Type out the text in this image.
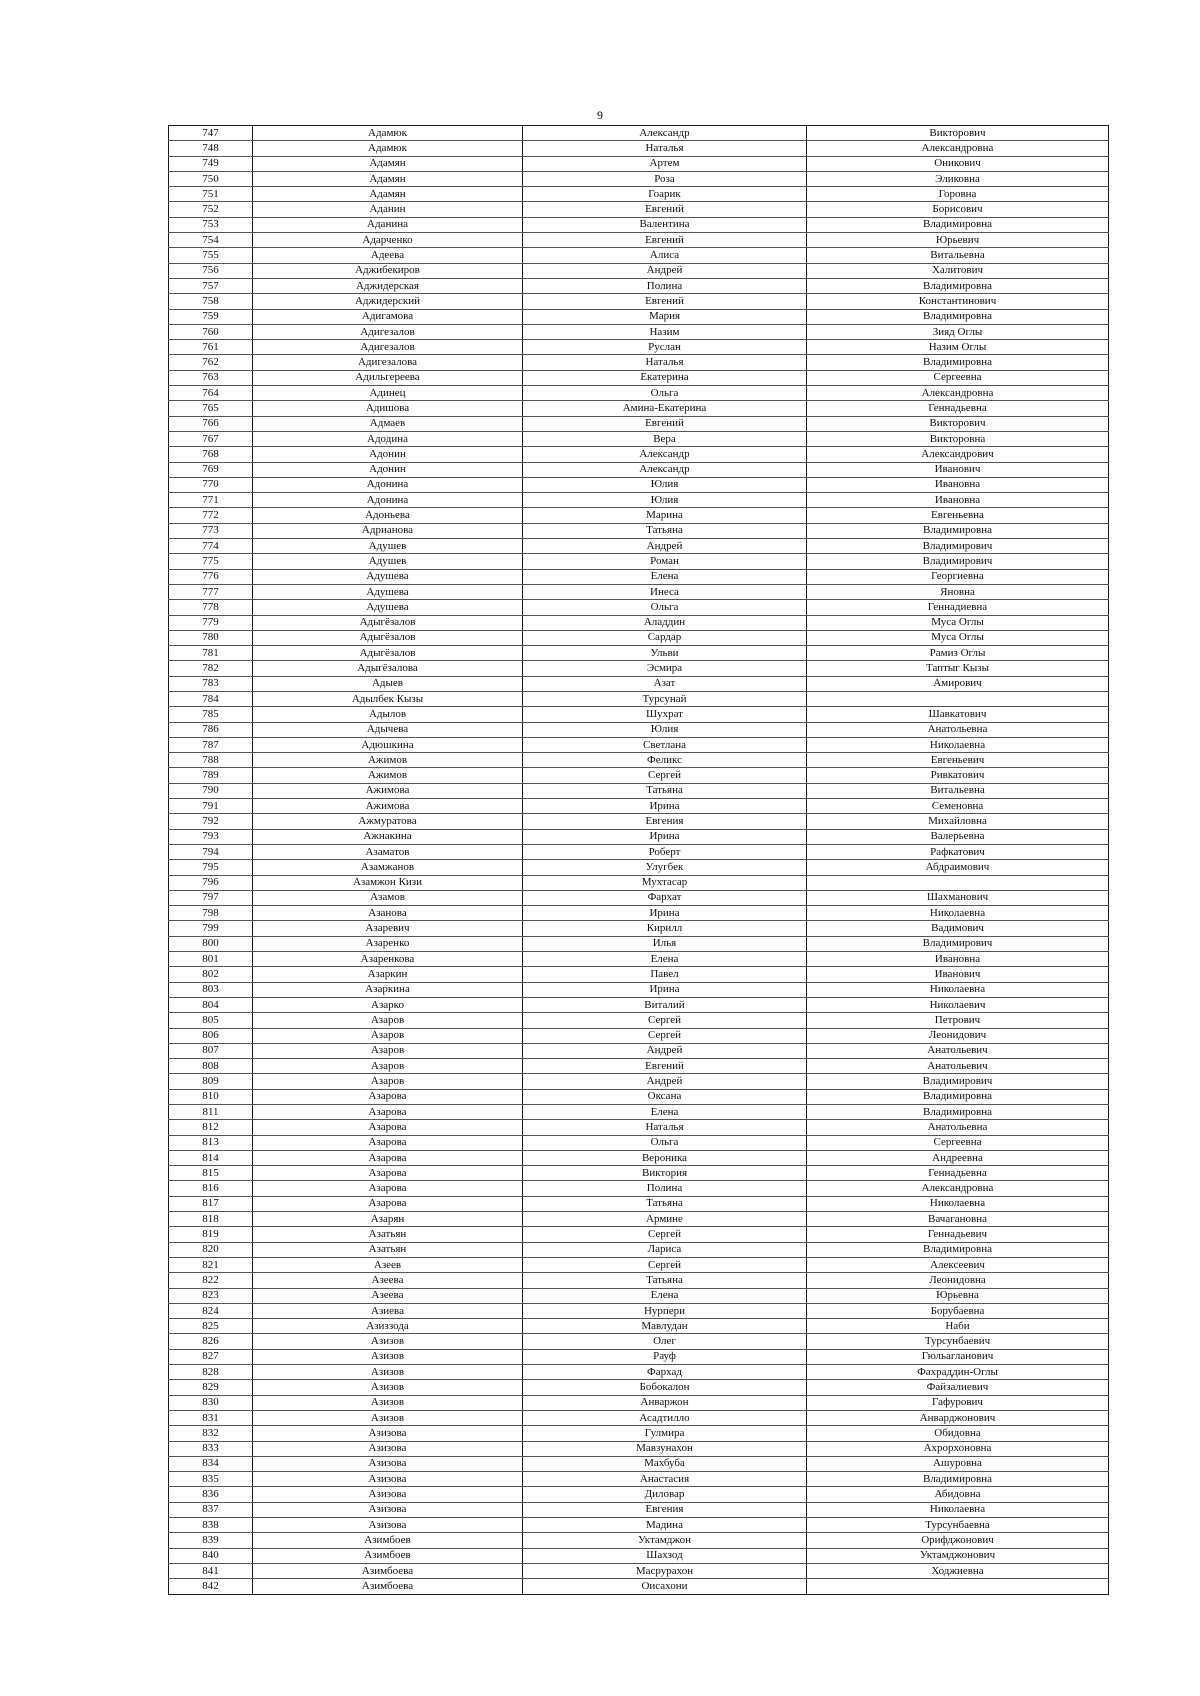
9
747	Адамюк	Александр	Викторович
748	Адамюк	Наталья	Александровна
749	Адамян	Артем	Оникович
750	Адамян	Роза	Эликовна
751	Адамян	Гоарик	Горовна
752	Аданин	Евгений	Борисович
753	Аданина	Валентина	Владимировна
754	Адарченко	Евгений	Юрьевич
755	Адеева	Алиса	Витальевна
756	Аджибекиров	Андрей	Халитович
757	Аджидерская	Полина	Владимировна
758	Аджидерский	Евгений	Константинович
759	Адигамова	Мария	Владимировна
760	Адигезалов	Назим	Зияд Оглы
761	Адигезалов	Руслан	Назим Оглы
762	Адигезалова	Наталья	Владимировна
763	Адильгереева	Екатерина	Сергеевна
764	Адинец	Ольга	Александровна
765	Адишова	Амина-Екатерина	Геннадьевна
766	Адмаев	Евгений	Викторович
767	Адодина	Вера	Викторовна
768	Адонин	Александр	Александрович
769	Адонин	Александр	Иванович
770	Адонина	Юлия	Ивановна
771	Адонина	Юлия	Ивановна
772	Адоньева	Марина	Евгеньевна
773	Адрианова	Татьяна	Владимировна
774	Адушев	Андрей	Владимирович
775	Адушев	Роман	Владимирович
776	Адушева	Елена	Георгиевна
777	Адушева	Инеса	Яновна
778	Адушева	Ольга	Геннадиевна
779	Адыгёзалов	Аладдин	Муса Оглы
780	Адыгёзалов	Сардар	Муса Оглы
781	Адыгёзалов	Ульви	Рамиз Оглы
782	Адыгёзалова	Эсмира	Таптыг Кызы
783	Адыев	Азат	Амирович
784	Адылбек Кызы	Турсунай	
785	Адылов	Шухрат	Шавкатович
786	Адычева	Юлия	Анатольевна
787	Адюшкина	Светлана	Николаевна
788	Ажимов	Феликс	Евгеньевич
789	Ажимов	Сергей	Ривкатович
790	Ажимова	Татьяна	Витальевна
791	Ажимова	Ирина	Семеновна
792	Ажмуратова	Евгения	Михайловна
793	Ажнакина	Ирина	Валерьевна
794	Азаматов	Роберт	Рафкатович
795	Азамжанов	Улугбек	Абдраимович
796	Азамжон Кизи	Мухтасар	
797	Азамов	Фархат	Шахманович
798	Азанова	Ирина	Николаевна
799	Азаревич	Кирилл	Вадимович
800	Азаренко	Илья	Владимирович
801	Азаренкова	Елена	Ивановна
802	Азаркин	Павел	Иванович
803	Азаркина	Ирина	Николаевна
804	Азарко	Виталий	Николаевич
805	Азаров	Сергей	Петрович
806	Азаров	Сергей	Леонидович
807	Азаров	Андрей	Анатольевич
808	Азаров	Евгений	Анатольевич
809	Азаров	Андрей	Владимирович
810	Азарова	Оксана	Владимировна
811	Азарова	Елена	Владимировна
812	Азарова	Наталья	Анатольевна
813	Азарова	Ольга	Сергеевна
814	Азарова	Вероника	Андреевна
815	Азарова	Виктория	Геннадьевна
816	Азарова	Полина	Александровна
817	Азарова	Татьяна	Николаевна
818	Азарян	Армине	Вачагановна
819	Азатьян	Сергей	Геннадьевич
820	Азатьян	Лариса	Владимировна
821	Азеев	Сергей	Алексеевич
822	Азеева	Татьяна	Леонидовна
823	Азеева	Елена	Юрьевна
824	Азиева	Нурпери	Борубаевна
825	Азиззода	Мавлудан	Наби
826	Азизов	Олег	Турсунбаевич
827	Азизов	Рауф	Гюльагланович
828	Азизов	Фархад	Фахраддин-Оглы
829	Азизов	Бобокалон	Файзалиевич
830	Азизов	Анваржон	Гафурович
831	Азизов	Асадтилло	Анварджонович
832	Азизова	Гулмира	Обидовна
833	Азизова	Мавзунахон	Ахрорхоновна
834	Азизова	Махбуба	Ашуровна
835	Азизова	Анастасия	Владимировна
836	Азизова	Диловар	Абидовна
837	Азизова	Евгения	Николаевна
838	Азизова	Мадина	Турсунбаевна
839	Азимбоев	Уктамджон	Орифджонович
840	Азимбоев	Шахзод	Уктамджонович
841	Азимбоева	Масрурахон	Ходжиевна
842	Азимбоева	Оисахони	
